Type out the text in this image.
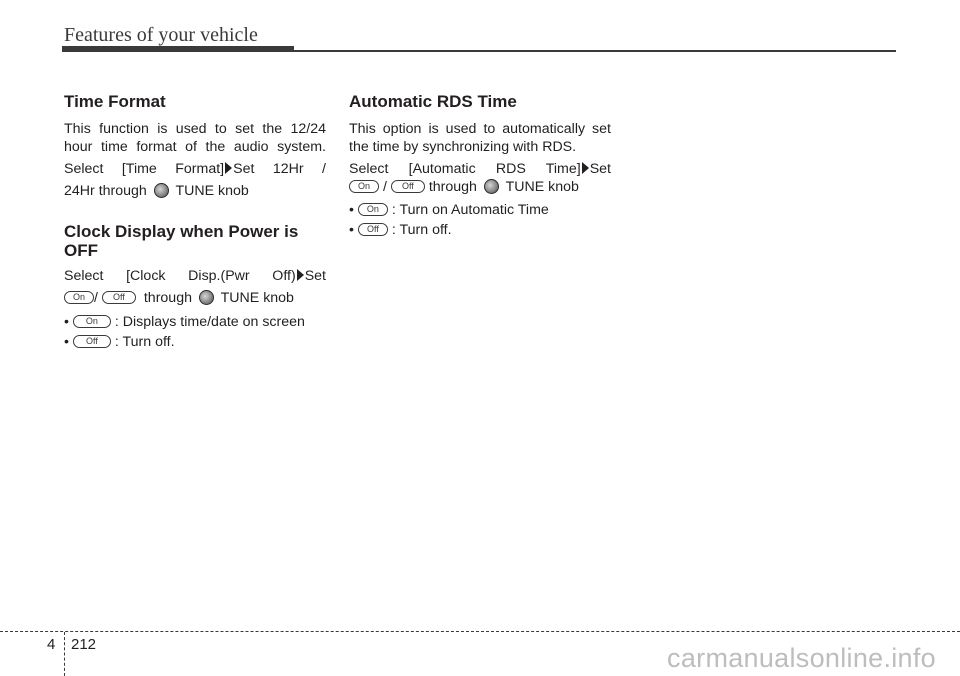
Features of your vehicle
Time Format

This function is used to set the 12/24 hour time format of the audio system.

Select [Time Format] Set 12Hr /

24Hr through TUNE knob
Clock Display when Power is OFF

Select [Clock Disp.(Pwr Off) Set

On / Off through TUNE knob
• On : Displays time/date on screen
• Off : Turn off.
Automatic RDS Time

This option is used to automatically set the time by synchronizing with RDS.

Select [Automatic RDS Time] Set

On / Off through TUNE knob
• On : Turn on Automatic Time
• Off : Turn off.
4 212	carmanualsonline.info
